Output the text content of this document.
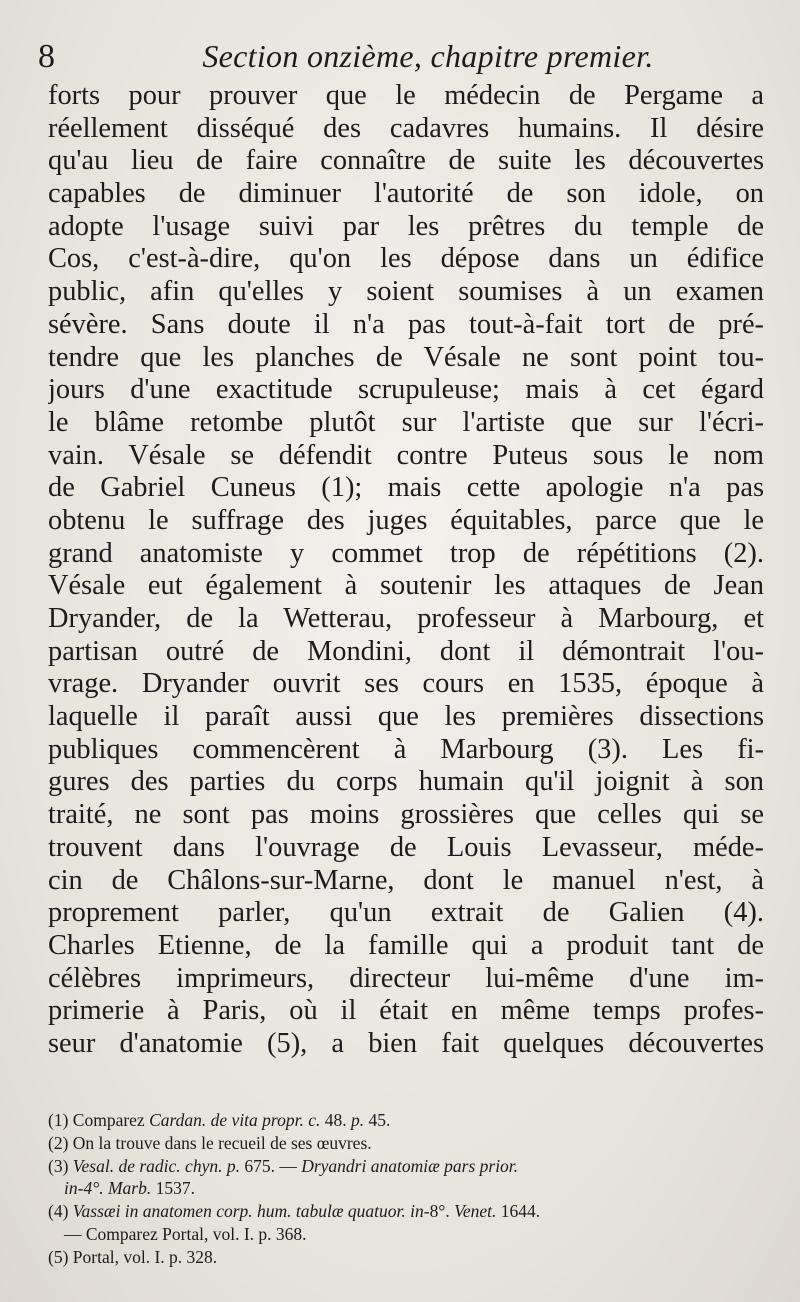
8	Section onzième, chapitre premier.
forts pour prouver que le médecin de Pergame a
réellement disséqué des cadavres humains. Il désire
qu'au lieu de faire connaître de suite les découvertes
capables de diminuer l'autorité de son idole, on
adopte l'usage suivi par les prêtres du temple de
Cos, c'est-à-dire, qu'on les dépose dans un édifice
public, afin qu'elles y soient soumises à un examen
sévère. Sans doute il n'a pas tout-à-fait tort de pré-
tendre que les planches de Vésale ne sont point tou-
jours d'une exactitude scrupuleuse; mais à cet égard
le blâme retombe plutôt sur l'artiste que sur l'écri-
vain. Vésale se défendit contre Puteus sous le nom
de Gabriel Cuneus (1); mais cette apologie n'a pas
obtenu le suffrage des juges équitables, parce que le
grand anatomiste y commet trop de répétitions (2).
Vésale eut également à soutenir les attaques de Jean
Dryander, de la Wetterau, professeur à Marbourg, et
partisan outré de Mondini, dont il démontrait l'ou-
vrage. Dryander ouvrit ses cours en 1535, époque à
laquelle il paraît aussi que les premières dissections
publiques commencèrent à Marbourg (3). Les fi-
gures des parties du corps humain qu'il joignit à son
traité, ne sont pas moins grossières que celles qui se
trouvent dans l'ouvrage de Louis Levasseur, méde-
cin de Châlons-sur-Marne, dont le manuel n'est, à
proprement parler, qu'un extrait de Galien (4).
Charles Etienne, de la famille qui a produit tant de
célèbres imprimeurs, directeur lui-même d'une im-
primerie à Paris, où il était en même temps profes-
seur d'anatomie (5), a bien fait quelques découvertes
(1) Comparez Cardan. de vita propr. c. 48. p. 45.
(2) On la trouve dans le recueil de ses œuvres.
(3) Vesal. de radic. chyn. p. 675. — Dryandri anatomiæ pars prior.
in-4°. Marb. 1537.
(4) Vassæi in anatomen corp. hum. tabulæ quatuor. in-8°. Venet. 1644.
— Comparez Portal, vol. I. p. 368.
(5) Portal, vol. I. p. 328.
